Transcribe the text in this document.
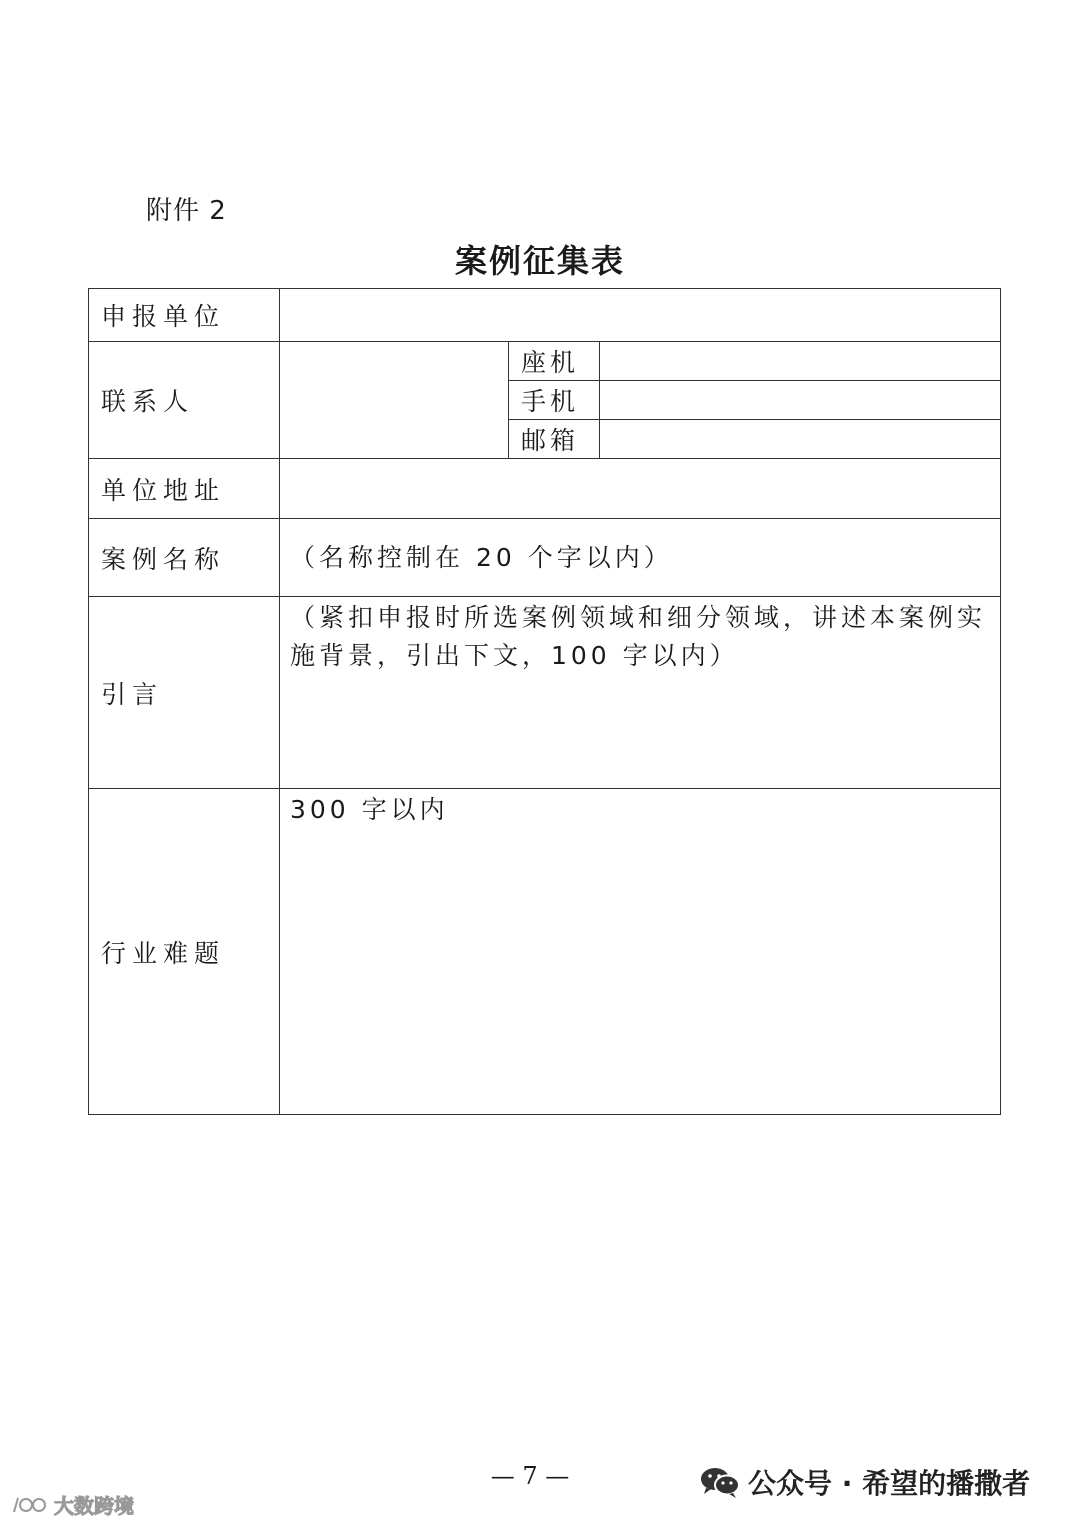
附件 2
案例征集表
申报单位			
联系人		座机	
		手机	
		邮箱	
单位地址			
案例名称	（名称控制在 20 个字以内）		
引言	（紧扣申报时所选案例领域和细分领域，讲述本案例实施背景，引出下文，100 字以内）		
行业难题	300 字以内		
— 7 —	公众号 · 希望的播撒者
大数跨境
